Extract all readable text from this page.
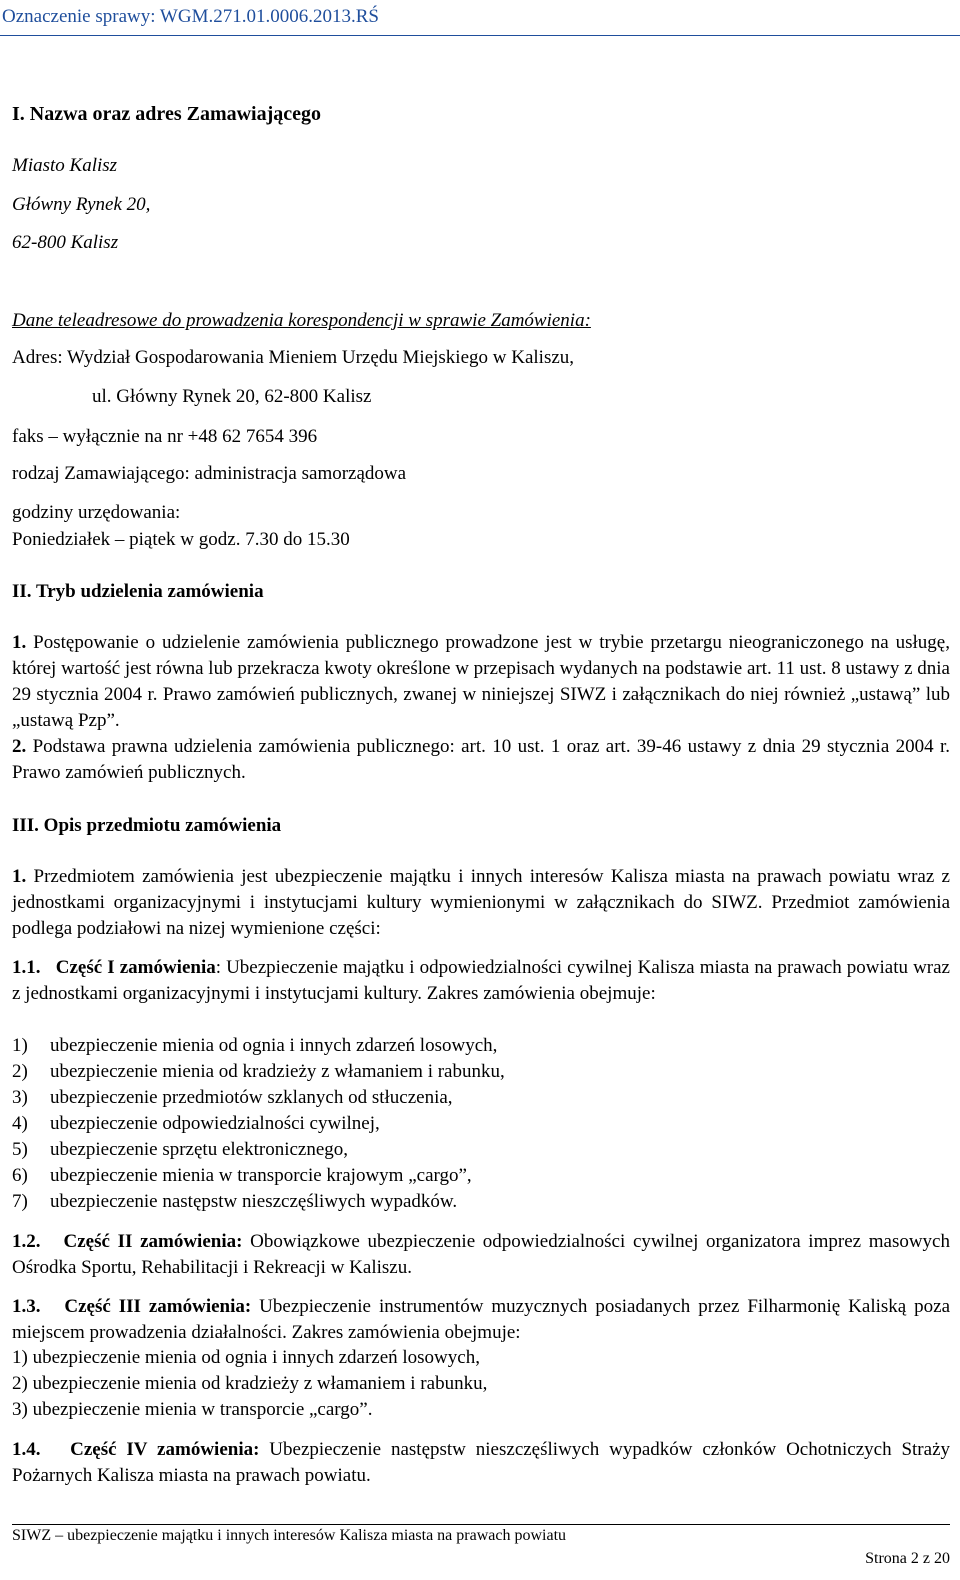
Oznaczenie sprawy: WGM.271.01.0006.2013.RŚ
I. Nazwa oraz adres Zamawiającego
Miasto Kalisz
Główny Rynek 20,
62-800 Kalisz
Dane teleadresowe do prowadzenia korespondencji w sprawie Zamówienia:
Adres: Wydział Gospodarowania Mieniem Urzędu Miejskiego w Kaliszu,
ul. Główny Rynek 20, 62-800 Kalisz
faks – wyłącznie na nr +48 62 7654 396
rodzaj Zamawiającego: administracja samorządowa
godziny urzędowania:
Poniedziałek – piątek w godz. 7.30 do 15.30
II. Tryb udzielenia zamówienia
1. Postępowanie o udzielenie zamówienia publicznego prowadzone jest w trybie przetargu nieograniczonego na usługę, której wartość jest równa lub przekracza kwoty określone w przepisach wydanych na podstawie art. 11 ust. 8 ustawy z dnia 29 stycznia 2004 r. Prawo zamówień publicznych, zwanej w niniejszej SIWZ i załącznikach do niej również „ustawą” lub „ustawą Pzp”.
2. Podstawa prawna udzielenia zamówienia publicznego: art. 10 ust. 1 oraz art. 39-46 ustawy z dnia 29 stycznia 2004 r. Prawo zamówień publicznych.
III. Opis przedmiotu zamówienia
1. Przedmiotem zamówienia jest ubezpieczenie majątku i innych interesów Kalisza miasta na prawach powiatu wraz z jednostkami organizacyjnymi i instytucjami kultury wymienionymi w załącznikach do SIWZ. Przedmiot zamówienia podlega podziałowi na nizej wymienione części:
1.1. Część I zamówienia: Ubezpieczenie majątku i odpowiedzialności cywilnej Kalisza miasta na prawach powiatu wraz z jednostkami organizacyjnymi i instytucjami kultury. Zakres zamówienia obejmuje:
1) ubezpieczenie mienia od ognia i innych zdarzeń losowych,
2) ubezpieczenie mienia od kradzieży z włamaniem i rabunku,
3) ubezpieczenie przedmiotów szklanych od stłuczenia,
4) ubezpieczenie odpowiedzialności cywilnej,
5) ubezpieczenie sprzętu elektronicznego,
6) ubezpieczenie mienia w transporcie krajowym „cargo”,
7) ubezpieczenie następstw nieszczęśliwych wypadków.
1.2. Część II zamówienia: Obowiązkowe ubezpieczenie odpowiedzialności cywilnej organizatora imprez masowych Ośrodka Sportu, Rehabilitacji i Rekreacji w Kaliszu.
1.3. Część III zamówienia: Ubezpieczenie instrumentów muzycznych posiadanych przez Filharmonię Kaliską poza miejscem prowadzenia działalności. Zakres zamówienia obejmuje:
1) ubezpieczenie mienia od ognia i innych zdarzeń losowych,
2) ubezpieczenie mienia od kradzieży z włamaniem i rabunku,
3) ubezpieczenie mienia w transporcie „cargo”.
1.4. Część IV zamówienia: Ubezpieczenie następstw nieszczęśliwych wypadków członków Ochotniczych Straży Pożarnych Kalisza miasta na prawach powiatu.
SIWZ – ubezpieczenie majątku i innych interesów Kalisza miasta na prawach powiatu
Strona 2 z 20
